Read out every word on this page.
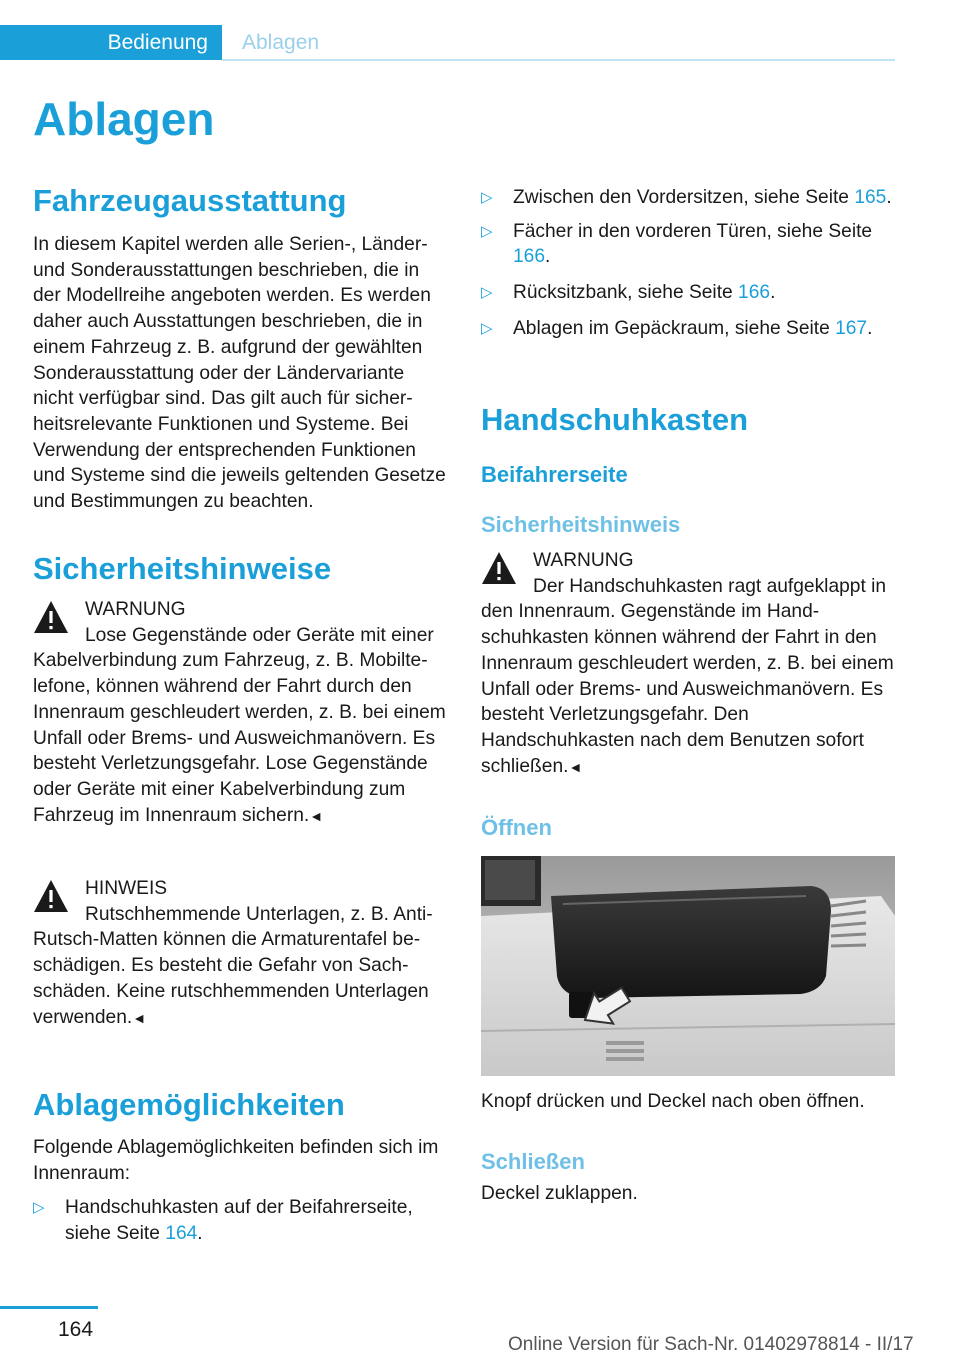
Bedienung	Ablagen
Ablagen
Fahrzeugausstattung

In diesem Kapitel werden alle Serien-, Länder- und Sonderausstattungen beschrieben, die in der Modellreihe angeboten werden. Es werden daher auch Ausstattungen beschrieben, die in einem Fahrzeug z. B. aufgrund der gewählten Sonderausstattung oder der Ländervariante nicht verfügbar sind. Das gilt auch für sicherheitsrelevante Funktionen und Systeme. Bei Verwendung der entsprechenden Funktionen und Systeme sind die jeweils geltenden Gesetze und Bestimmungen zu beachten.

Sicherheitshinweise
WARNUNG
Lose Gegenstände oder Geräte mit einer Kabelverbindung zum Fahrzeug, z. B. Mobiltelefone, können während der Fahrt durch den Innenraum geschleudert werden, z. B. bei einem Unfall oder Brems- und Ausweichmanövern. Es besteht Verletzungsgefahr. Lose Gegenstände oder Geräte mit einer Kabelverbindung zum Fahrzeug im Innenraum sichern.◄
HINWEIS
Rutschhemmende Unterlagen, z. B. Anti-Rutsch-Matten können die Armaturentafel beschädigen. Es besteht die Gefahr von Sachschäden. Keine rutschhemmenden Unterlagen verwenden.◄
Ablagemöglichkeiten

Folgende Ablagemöglichkeiten befinden sich im Innenraum:

▷ Handschuhkasten auf der Beifahrerseite, siehe Seite 164.
▷ Zwischen den Vordersitzen, siehe Seite 165.
▷ Fächer in den vorderen Türen, siehe Seite 166.
▷ Rücksitzbank, siehe Seite 166.
▷ Ablagen im Gepäckraum, siehe Seite 167.
Handschuhkasten
Beifahrerseite
Sicherheitshinweis
WARNUNG
Der Handschuhkasten ragt aufgeklappt in den Innenraum. Gegenstände im Handschuhkasten können während der Fahrt in den Innenraum geschleudert werden, z. B. bei einem Unfall oder Brems- und Ausweichmanövern. Es besteht Verletzungsgefahr. Den Handschuhkasten nach dem Benutzen sofort schließen.◄
Öffnen

Knopf drücken und Deckel nach oben öffnen.

Schließen

Deckel zuklappen.

164
Online Version für Sach-Nr. 01402978814 - II/17
